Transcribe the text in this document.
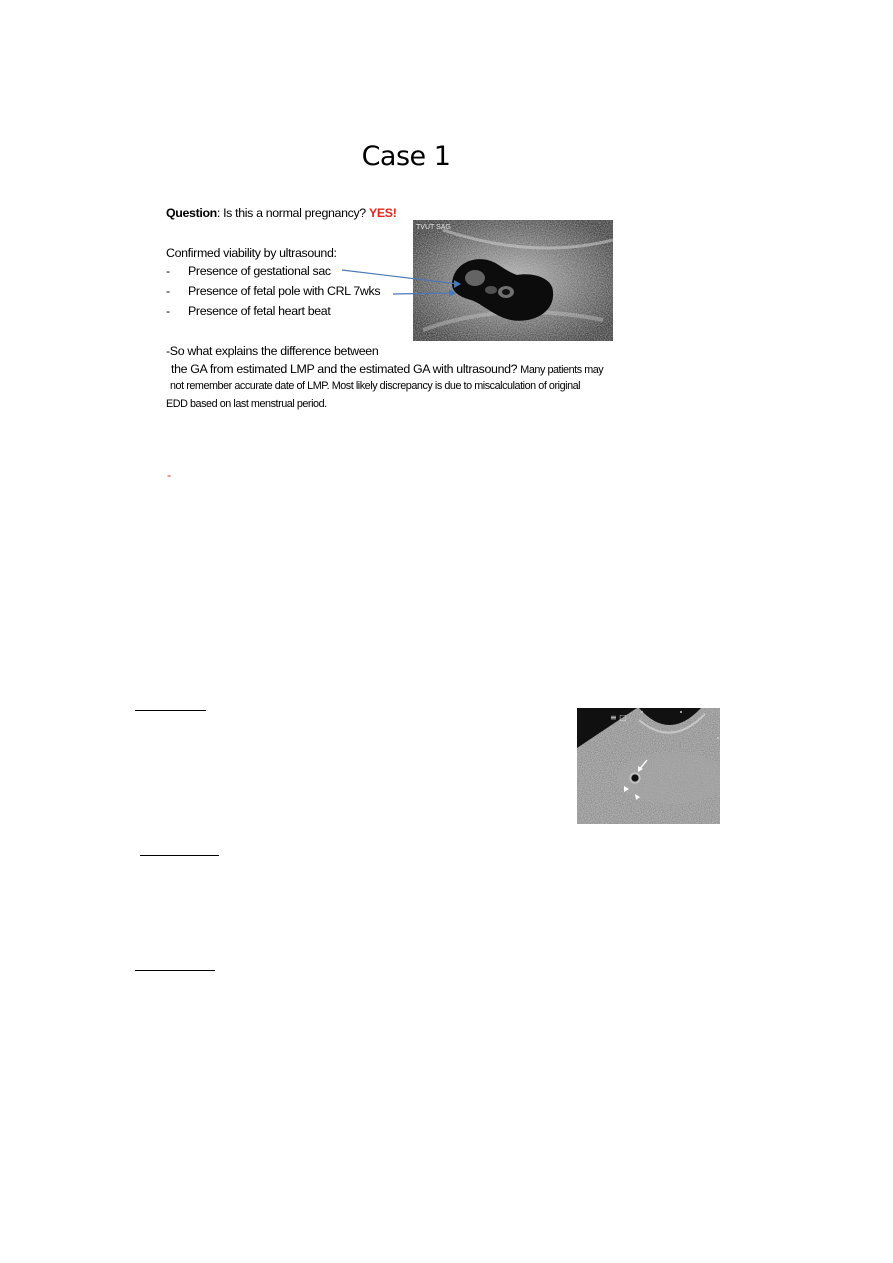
Case 1
Question: Is this a normal pregnancy? YES!
Confirmed viability by ultrasound:
- Presence of gestational sac
- Presence of fetal pole with CRL 7wks
- Presence of fetal heart beat
TVUT SAG
-So what explains the difference between
the GA from estimated LMP and the estimated GA with ultrasound? Many patients may
not remember accurate date of LMP. Most likely discrepancy is due to miscalculation of original
EDD based on last menstrual period.
-
≡ □
